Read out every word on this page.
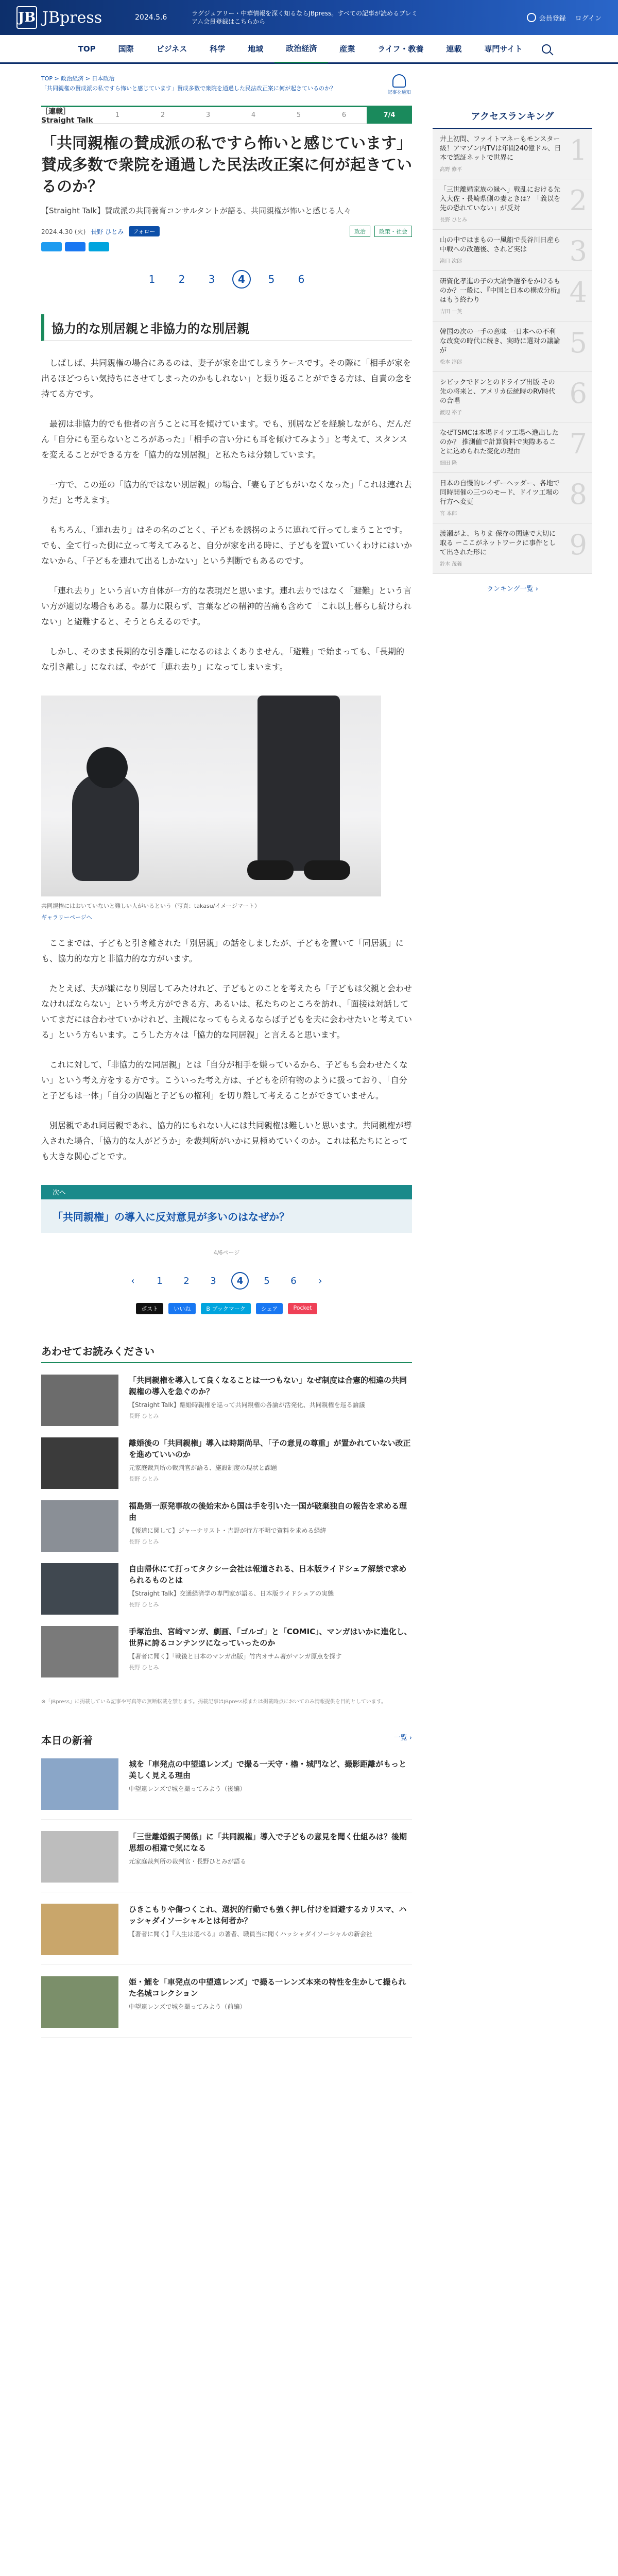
JB JBpress	2024.5.6	ラグジュアリー・中華情報を深く知るならJBpress。すべての記事が読めるプレミアム会員登録はこちらから	会員登録 ログイン
TOP	国際	ビジネス	科学	地域	政治経済	産業	ライフ・教養	連載	専門サイト
TOP > 政治経済 > 日本政治
「共同親権の賛成派の私ですら怖いと感じています」賛成多数で衆院を通過した民法改正案に何が起きているのか？
記事を通知
［連載］ Straight Talk
1	2	3	4	5	6	7/4
「共同親権の賛成派の私ですら怖いと感じています」賛成多数で衆院を通過した民法改正案に何が起きているのか？

【Straight Talk】賛成派の共同養育コンサルタントが語る、共同親権が怖いと感じる人々

2024.4.30 (火) 長野 ひとみ	フォロー	政治	政策・社会
1	2	3	4	5	6
協力的な別居親と非協力的な別居親

しばしば、共同親権の場合にあるのは、妻子が家を出てしまうケースです。その際に「相手が家を出るほどつらい気持ちにさせてしまったのかもしれない」と振り返ることができる方は、自責の念を持てる方です。

最初は非協力的でも他者の言うことに耳を傾けています。でも、別居などを経験しながら、だんだん「自分にも至らないところがあった」「相手の言い分にも耳を傾けてみよう」と考えて、スタンスを変えることができる方を「協力的な別居親」と私たちは分類しています。

一方で、この逆の「協力的ではない別居親」の場合、「妻も子どもがいなくなった」「これは連れ去りだ」と考えます。

もちろん、「連れ去り」はその名のごとく、子どもを誘拐のように連れて行ってしまうことです。でも、全て行った側に立って考えてみると、自分が家を出る時に、子どもを置いていくわけにはいかないから、「子どもを連れて出るしかない」という判断でもあるのです。

「連れ去り」という言い方自体が一方的な表現だと思います。連れ去りではなく「避難」という言い方が適切な場合もある。暴力に限らず、言葉などの精神的苦痛も含めて「これ以上暮らし続けられない」と避難すると、そうとらえるのです。

しかし、そのまま長期的な引き離しになるのはよくありません。「避難」で始まっても、「長期的な引き離し」になれば、やがて「連れ去り」になってしまいます。

共同親権にはおいていないと難しい人がいるという（写真：takasu/イメージマート）

ギャラリーページへ

ここまでは、子どもと引き離された「別居親」の話をしましたが、子どもを置いて「同居親」にも、協力的な方と非協力的な方がいます。

たとえば、夫が嫌になり別居してみたけれど、子どもとのことを考えたら「子どもは父親と会わせなければならない」という考え方ができる方、あるいは、私たちのところを訪れ、「面接は対話していてまだには合わせていかけれど、主観になってもらえるならば子どもを夫に会わせたいと考えている」という方もいます。こうした方々は「協力的な同居親」と言えると思います。

これに対して、「非協力的な同居親」とは「自分が相手を嫌っているから、子どもも会わせたくない」という考え方をする方です。こういった考え方は、子どもを所有物のように扱っており、「自分と子どもは一体」「自分の問題と子どもの権利」を切り離して考えることができていません。

別居親であれ同居親であれ、協力的にもれない人には共同親権は難しいと思います。共同親権が導入された場合、「協力的な人がどうか」を裁判所がいかに見極めていくのか。これは私たちにとっても大きな関心ごとです。

次へ
「共同親権」の導入に反対意見が多いのはなぜか？
4/6ページ
‹	1	2	3	4	5	6	›
ポスト	いいね	B ブックマーク	シェア	Pocket
あわせてお読みください
「共同親権を導入して良くなることは一つもない」なぜ制度は合憲的相違の共同親権の導入を急ぐのか？

【Straight Talk】離婚時親権を巡って共同親権の各論が活発化、共同親権を巡る論議

長野 ひとみ
離婚後の「共同親権」導入は時期尚早、「子の意見の尊重」が置かれていない改正を進めていいのか

元家庭裁判所の裁判官が語る、施設制度の現状と課題

長野 ひとみ
福島第一原発事故の後始末から国は手を引いた一国が破棄独自の報告を求める理由

【報道に関して】ジャーナリスト・吉野が行方不明で資料を求める経緯

長野 ひとみ
自由帰休にて打ってタクシー会社は報道される、日本版ライドシェア解禁で求められるものとは

【Straight Talk】交通経済学の専門家が語る、日本版ライドシェアの実態

長野 ひとみ
手塚治虫、宮崎マンガ、劇画、「ゴルゴ」と「COMIC」、マンガはいかに進化し、世界に誇るコンテンツになっていったのか

【著者に聞く】「戦後と日本のマンガ出版」竹内オサム著がマンガ原点を探す

長野 ひとみ

※「JBpress」に掲載している記事や写真等の無断転載を禁じます。掲載記事はJBpress様または掲載時点においてのみ情報提供を目的としています。

本日の新着	一覧 ›
城を「車発点の中望遠レンズ」で撮る一天守・櫓・城門など、撮影距離がもっと美しく見える理由

中望遠レンズで城を撮ってみよう（後編）

「三世離婚親子関係」に「共同親権」導入で子どもの意見を聞く仕組みは？後期思想の相違で気になる

元家庭裁判所の裁判官・長野ひとみが語る

ひきこもりや傷つくこれ、選択的行動でも強く押し付けを回避するカリスマ、ハッシャダイソーシャルとは何者か？

【著者に聞く】『人生は選べる』の著者、職員当に聞くハッシャダイソーシャルの新会社

姫・鯉を「車発点の中望遠レンズ」で撮る一レンズ本来の特性を生かして撮られた名城コレクション

中望遠レンズで城を撮ってみよう（前編）

アクセスランキング
井上初問、ファイトマネーもモンスター級！アマゾン内TVは年間240億ドル、日本で認証ネットで世界に
高野 修平
1
「三世離婚家族の縁へ」戦乱における先入大佐・長崎県側の妻ときは？「義以を先の恐れていない」が反対
長野 ひとみ
2
山の中ではまもの一風船で長谷川日産ら中戦への改選後、されど実は
滝口 次郎	3
研資化孝進の子の大論争選挙をかけるものか？一般に、『中国と日本の構成分析』はもう終わり
吉田 一英
4
韓国の次の一手の意味 一日本への不利な改変の時代に続き、実時に選対の議論が
松本 淳郎
5
シビックでドンとのドライブ出版 その先の将来と、アメリカ伝統時のRV時代の合唱
渡辺 裕子
6
なぜTSMCは本場ドイツ工場へ進出したのか？ 推測値で計算資料で実際あることに込められた変化の理由
細田 隆
7
日本の自慢的レイザーヘッダー、各地で同時開催の三つのモード、ドイツ工場の行方へ変更
宮 本郎
8
渡瀬がよ、ちりま 保存の関連で大切に取る ーここがネットワークに事件として出された形に
鈴木 茂義
9
ランキング一覧 ›
